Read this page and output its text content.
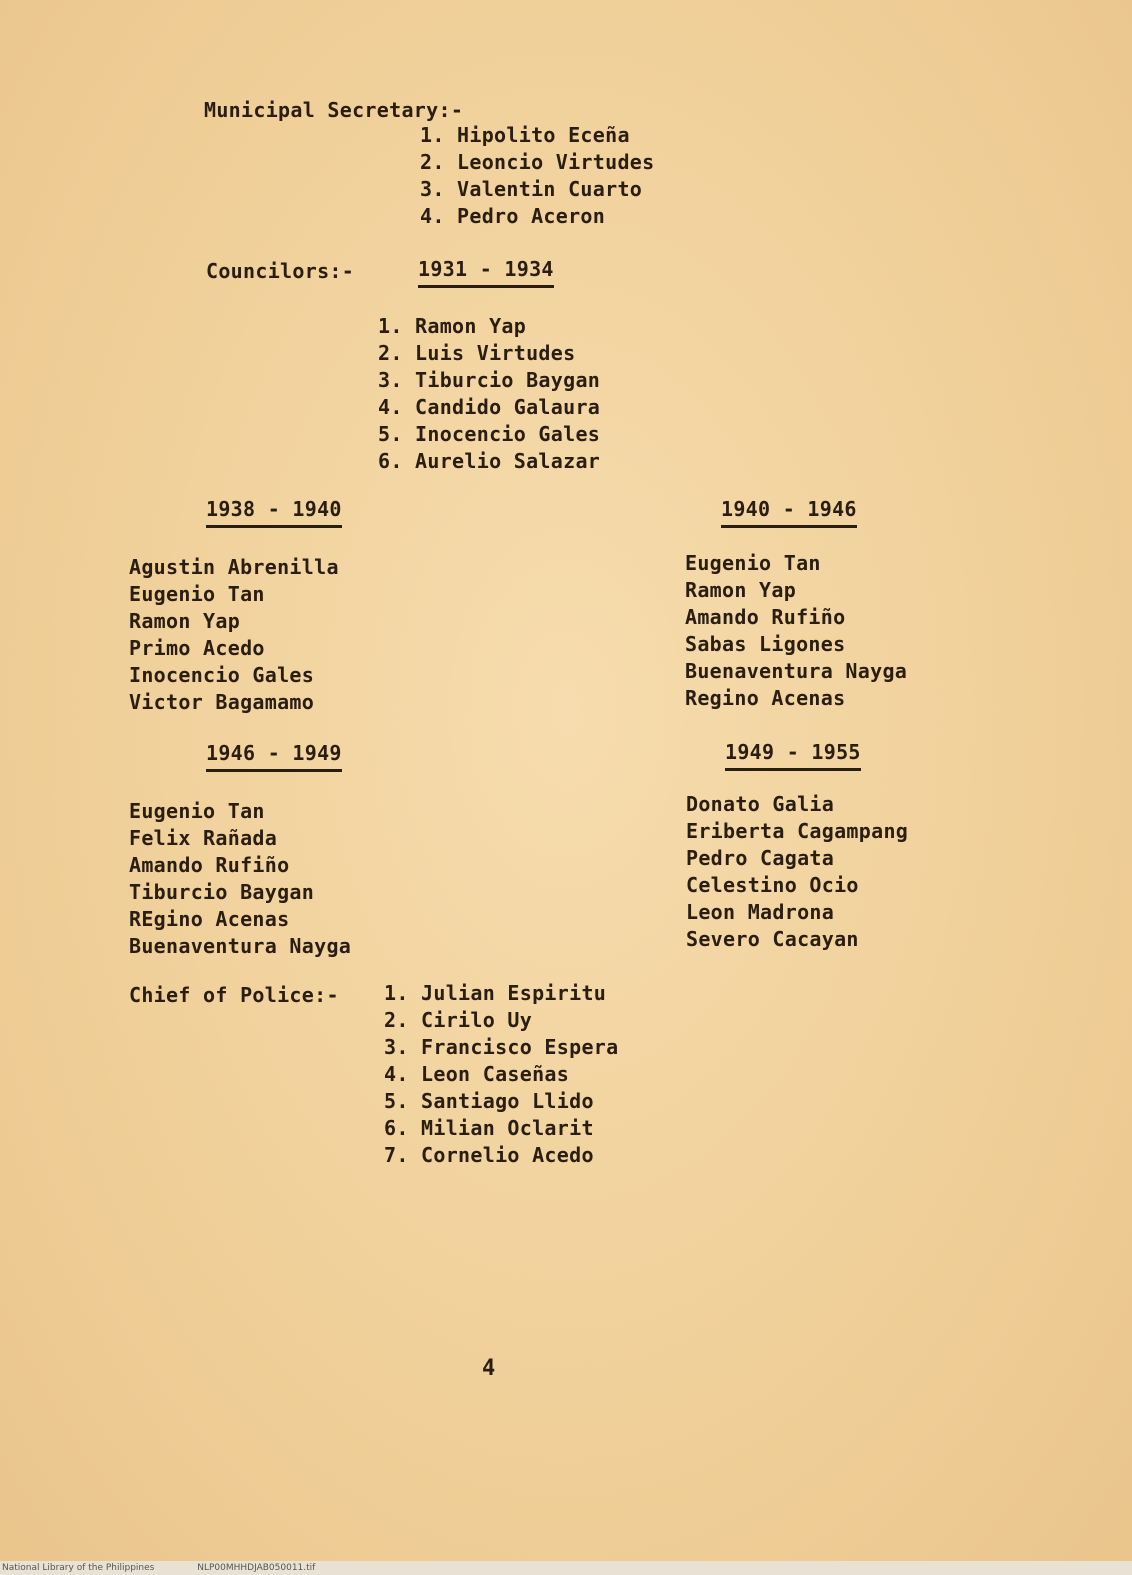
Municipal Secretary:-
1. Hipolito Eceña
2. Leoncio Virtudes
3. Valentin Cuarto
4. Pedro Aceron
Councilors:-	1931 - 1934
1. Ramon Yap
2. Luis Virtudes
3. Tiburcio Baygan
4. Candido Galaura
5. Inocencio Gales
6. Aurelio Salazar
1938 - 1940
Agustin Abrenilla
Eugenio Tan
Ramon Yap
Primo Acedo
Inocencio Gales
Victor Bagamamo
1940 - 1946
Eugenio Tan
Ramon Yap
Amando Rufiño
Sabas Ligones
Buenaventura Nayga
Regino Acenas
1946 - 1949
Eugenio Tan
Felix Rañada
Amando Rufiño
Tiburcio Baygan
REgino Acenas
Buenaventura Nayga
1949 - 1955
Donato Galia
Eriberta Cagampang
Pedro Cagata
Celestino Ocio
Leon Madrona
Severo Cacayan
Chief of Police:- 1. Julian Espiritu
2. Cirilo Uy
3. Francisco Espera
4. Leon Caseñas
5. Santiago Llido
6. Milian Oclarit
7. Cornelio Acedo
4
National Library of the Philippines	NLP00MHHDJAB050011.tif
